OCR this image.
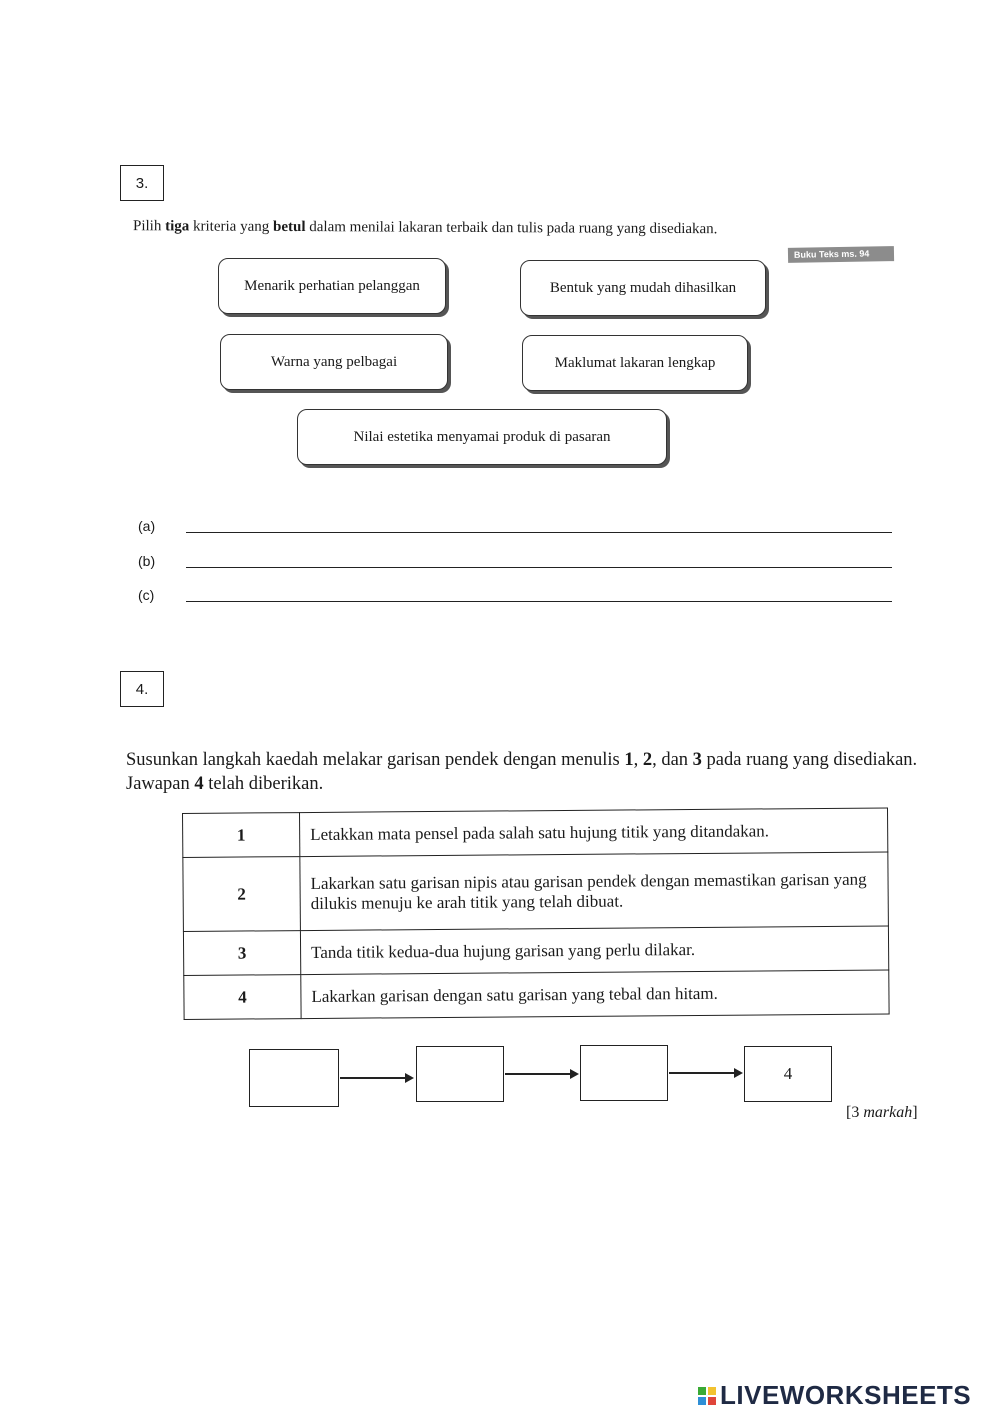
3.
Pilih tiga kriteria yang betul dalam menilai lakaran terbaik dan tulis pada ruang yang disediakan.
Buku Teks ms. 94
Menarik perhatian pelanggan	Bentuk yang mudah dihasilkan
Warna yang pelbagai	Maklumat lakaran lengkap
Nilai estetika menyamai produk di pasaran
(a)
(b)
(c)
4.
Susunkan langkah kaedah melakar garisan pendek dengan menulis 1, 2, dan 3 pada ruang yang disediakan. Jawapan 4 telah diberikan.
1	Letakkan mata pensel pada salah satu hujung titik yang ditandakan.
2	Lakarkan satu garisan nipis atau garisan pendek dengan memastikan garisan yang dilukis menuju ke arah titik yang telah dibuat.
3	Tanda titik kedua-dua hujung garisan yang perlu dilakar.
4	Lakarkan garisan dengan satu garisan yang tebal dan hitam.
4
[3 markah]
LIVEWORKSHEETS
